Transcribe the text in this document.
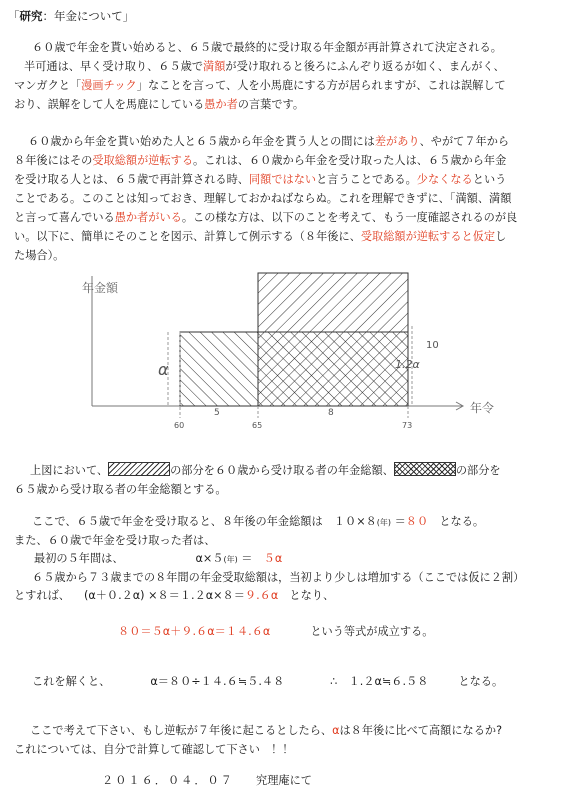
「研究：年金について」
６０歳で年金を貰い始めると、６５歳で最終的に受け取る年金額が再計算されて決定される。
半可通は、早く受け取り、６５歳で満額が受け取れると後ろにふんぞり返るが如く、まんがく、
マンガクと「漫画チック」なことを言って、人を小馬鹿にする方が居られますが、これは誤解して
おり、誤解をして人を馬鹿にしている愚か者の言葉です。
６０歳から年金を貰い始めた人と６５歳から年金を貰う人との間には差があり、やがて７年から
８年後にはその受取総額が逆転する。これは、６０歳から年金を受け取った人は、６５歳から年金
を受け取る人とは、６５歳で再計算される時、同額ではないと言うことである。少なくなるという
ことである。このことは知っておき、理解しておかねばならぬ。これを理解できずに、「満額、満額
と言って喜んでいる愚か者がいる。この様な方は、以下のことを考えて、もう一度確認されるのが良
い。以下に、簡単にそのことを図示、計算して例示する（８年後に、受取総額が逆転すると仮定し
た場合）。
年金額
年令
60	65	73
5	8
α	1.2α
10
上図において、	の部分を６０歳から受け取る者の年金総額、	の部分を
６５歳から受け取る者の年金総額とする。
ここで、６５歳で年金を受け取ると、８年後の年金総額は　１０×８(年) ＝８０　となる。
また、６０歳で年金を受け取った者は、
最初の５年間は、	α×５(年) ＝　５α
６５歳から７３歳までの８年間の年金受取総額は，当初より少しは増加する（ここでは仮に２割）
とすれば、 (α＋０.２α) ×８＝１.２α×８＝９.６α　となり、
８０＝５α＋９.６α＝１４.６α	という等式が成立する。
これを解くと、	α＝８０÷１４.６≒５.４８	∴　１.２α≒６.５８	となる。
ここで考えて下さい、もし逆転が７年後に起こるとしたら、αは８年後に比べて高額になるか?
これについては、自分で計算して確認して下さい　！！
２０１６．０４．０７ 究理庵にて
